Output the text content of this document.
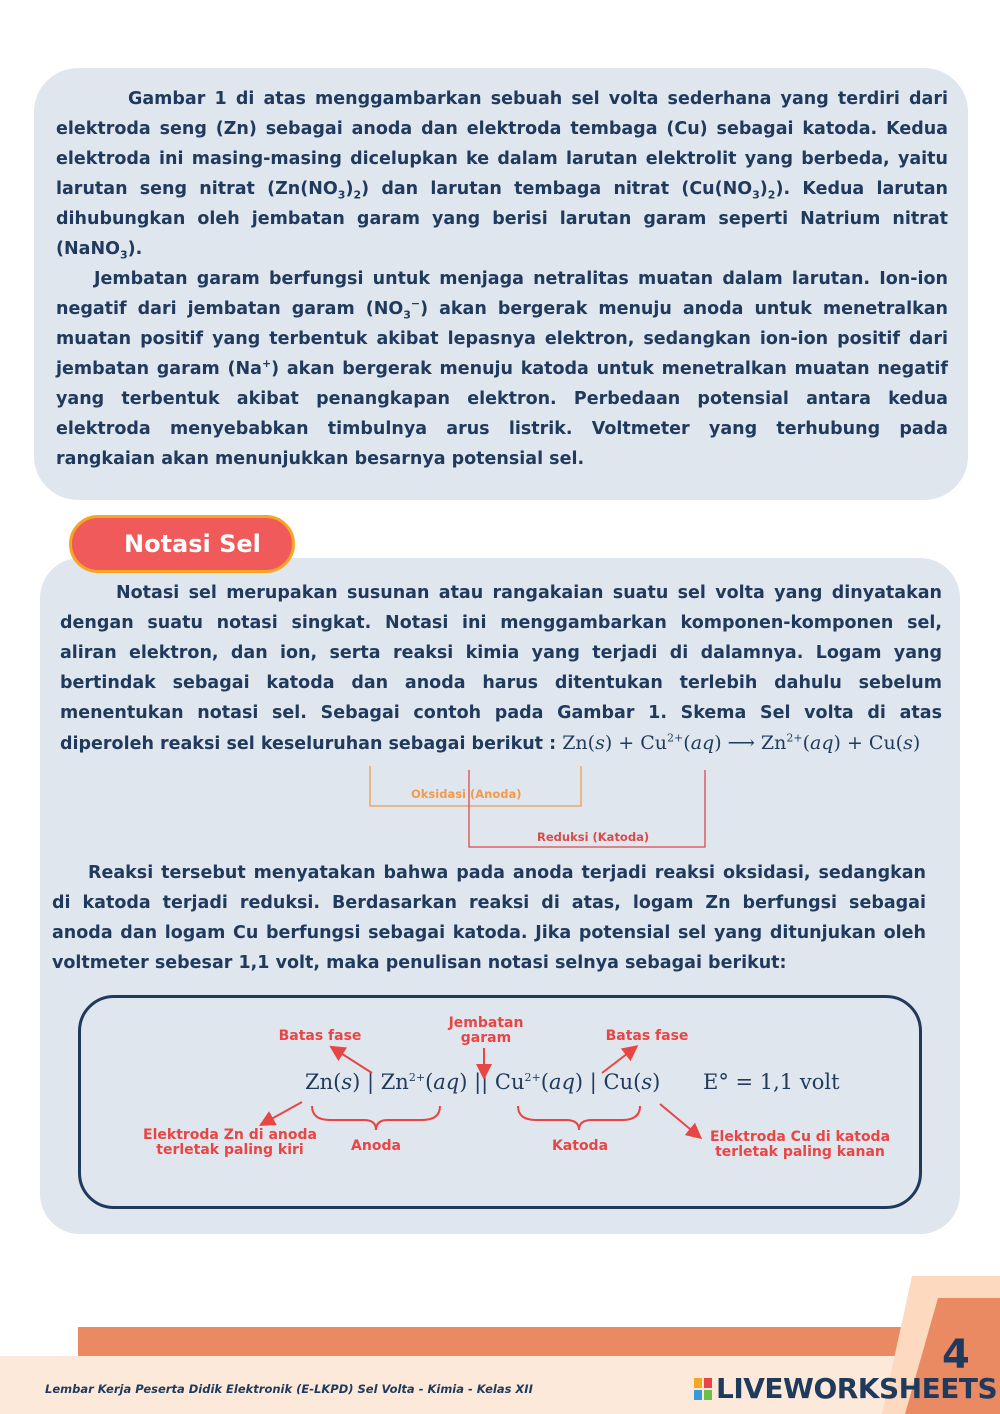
Gambar 1 di atas menggambarkan sebuah sel volta sederhana yang terdiri dari elektroda seng (Zn) sebagai anoda dan elektroda tembaga (Cu) sebagai katoda. Kedua elektroda ini masing-masing dicelupkan ke dalam larutan elektrolit yang berbeda, yaitu larutan seng nitrat $(Zn(NO_3)_2)$ dan larutan tembaga nitrat $(Cu(NO_3)_2)$. Kedua larutan dihubungkan oleh jembatan garam yang berisi larutan garam seperti Natrium nitrat (NaNO$_3$).

Jembatan garam berfungsi untuk menjaga netralitas muatan dalam larutan. Ion-ion negatif dari jembatan garam $(NO_3^-)$ akan bergerak menuju anoda untuk menetralkan muatan positif yang terbentuk akibat lepasnya elektron, sedangkan ion-ion positif dari jembatan garam (Na+) akan bergerak menuju katoda untuk menetralkan muatan negatif yang terbentuk akibat penangkapan elektron. Perbedaan potensial antara kedua elektroda menyebabkan timbulnya arus listrik. Voltmeter yang terhubung pada rangkaian akan menunjukkan besarnya potensial sel.

Notasi Sel

Notasi sel merupakan susunan atau rangakaian suatu sel volta yang dinyatakan dengan suatu notasi singkat. Notasi ini menggambarkan komponen-komponen sel, aliran elektron, dan ion, serta reaksi kimia yang terjadi di dalamnya. Logam yang bertindak sebagai katoda dan anoda harus ditentukan terlebih dahulu sebelum menentukan notasi sel. Sebagai contoh pada Gambar 1. Skema Sel volta di atas diperoleh reaksi sel keseluruhan sebagai berikut : $Zn(s) + Cu^{2+}(aq)$ ⟶ $Zn^{2+}(aq) + Cu(s)$

Oksidasi (Anoda)
Reduksi (Katoda)

Reaksi tersebut menyatakan bahwa pada anoda terjadi reaksi oksidasi, sedangkan di katoda terjadi reduksi. Berdasarkan reaksi di atas, logam Zn berfungsi sebagai anoda dan logam Cu berfungsi sebagai katoda. Jika potensial sel yang ditunjukan oleh voltmeter sebesar 1,1 volt, maka penulisan notasi selnya sebagai berikut:

Batas fase
Jembatan
garam	Batas fase
Zn(s) | $Zn^{2+}(aq)$ || $Cu^{2+}(aq)$ | Cu(s) E° = 1,1 volt
Elektroda Zn di anoda
terletak paling kiri	Anoda	Katoda
Elektroda Cu di katoda
terletak paling kanan
Lembar Kerja Peserta Didik Elektronik (E-LKPD) Sel Volta - Kimia - Kelas XII
4
LIVEWORKSHEETS
